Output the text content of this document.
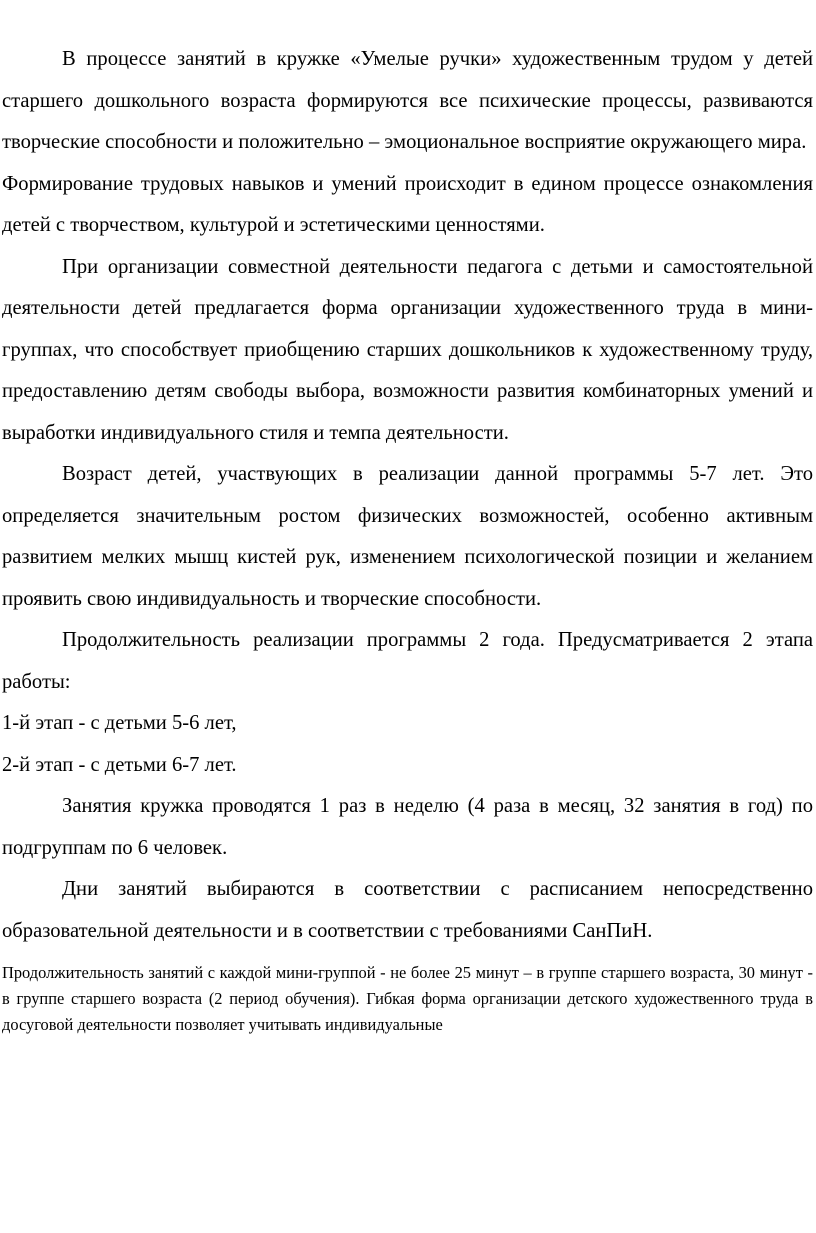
В процессе занятий в кружке «Умелые ручки» художественным трудом у детей старшего дошкольного возраста формируются все психические процессы, развиваются творческие способности и положительно – эмоциональное восприятие окружающего мира.

Формирование трудовых навыков и умений происходит в едином процессе ознакомления детей с творчеством, культурой и эстетическими ценностями.

При организации совместной деятельности педагога с детьми и самостоятельной деятельности детей предлагается форма организации художественного труда в мини-группах, что способствует приобщению старших дошкольников к художественному труду, предоставлению детям свободы выбора, возможности развития комбинаторных умений и выработки индивидуального стиля и темпа деятельности.

Возраст детей, участвующих в реализации данной программы 5-7 лет. Это определяется значительным ростом физических возможностей, особенно активным развитием мелких мышц кистей рук, изменением психологической позиции и желанием проявить свою индивидуальность и творческие способности.

Продолжительность реализации программы 2 года. Предусматривается 2 этапа работы:

1-й этап - с детьми 5-6 лет,

2-й этап - с детьми 6-7 лет.

Занятия кружка проводятся 1 раз в неделю (4 раза в месяц, 32 занятия в год) по подгруппам по 6 человек.

Дни занятий выбираются в соответствии с расписанием непосредственно образовательной деятельности и в соответствии с требованиями СанПиН.

Продолжительность занятий с каждой мини-группой - не более 25 минут – в группе старшего возраста, 30 минут - в группе старшего возраста (2 период обучения). Гибкая форма организации детского художественного труда в досуговой деятельности позволяет учитывать индивидуальные
